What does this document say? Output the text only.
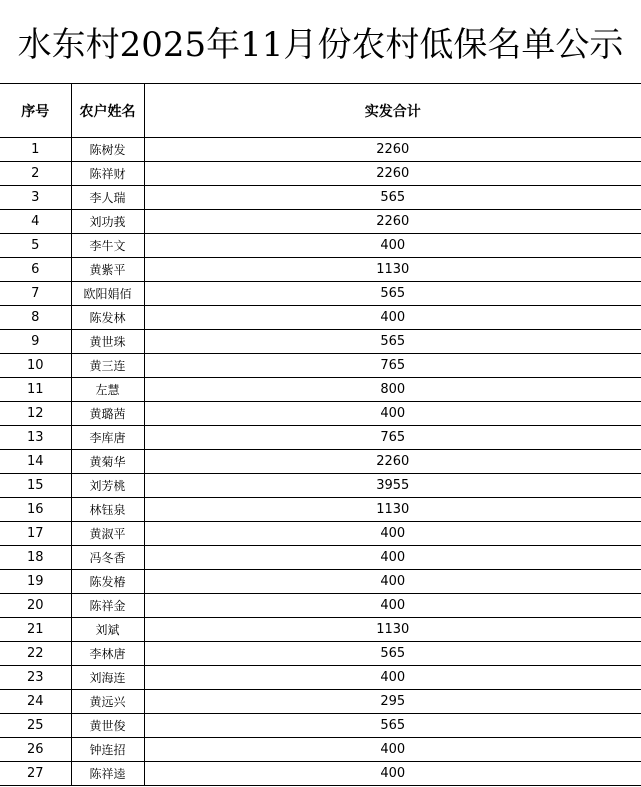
水东村2025年11月份农村低保名单公示
序号	农户姓名	实发合计
1	陈树发	2260
2	陈祥财	2260
3	李人瑞	565
4	刘功莪	2260
5	李牛文	400
6	黄紫平	1130
7	欧阳娟佰	565
8	陈发林	400
9	黄世珠	565
10	黄三连	765
11	左慧	800
12	黄璐茜	400
13	李库唐	765
14	黄菊华	2260
15	刘芳桃	3955
16	林钰泉	1130
17	黄淑平	400
18	冯冬香	400
19	陈发椿	400
20	陈祥金	400
21	刘斌	1130
22	李林唐	565
23	刘海连	400
24	黄远兴	295
25	黄世俊	565
26	钟连招	400
27	陈祥逵	400
